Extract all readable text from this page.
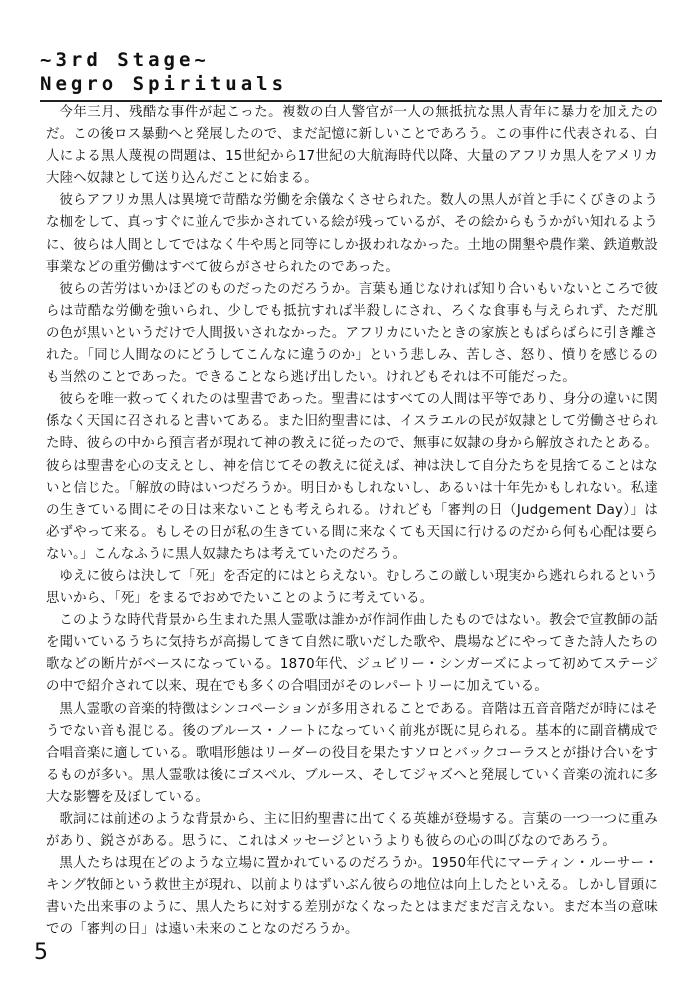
~3rd Stage~
Negro Spirituals

今年三月、残酷な事件が起こった。複数の白人警官が一人の無抵抗な黒人青年に暴力を加えたのだ。この後ロス暴動へと発展したので、まだ記憶に新しいことであろう。この事件に代表される、白人による黒人蔑視の問題は、15世紀から17世紀の大航海時代以降、大量のアフリカ黒人をアメリカ大陸へ奴隷として送り込んだことに始まる。

彼らアフリカ黒人は異境で苛酷な労働を余儀なくさせられた。数人の黒人が首と手にくびきのような枷をして、真っすぐに並んで歩かされている絵が残っているが、その絵からもうかがい知れるように、彼らは人間としてではなく牛や馬と同等にしか扱われなかった。土地の開墾や農作業、鉄道敷設事業などの重労働はすべて彼らがさせられたのであった。

彼らの苦労はいかほどのものだったのだろうか。言葉も通じなければ知り合いもいないところで彼らは苛酷な労働を強いられ、少しでも抵抗すれば半殺しにされ、ろくな食事も与えられず、ただ肌の色が黒いというだけで人間扱いされなかった。アフリカにいたときの家族ともばらばらに引き離された。「同じ人間なのにどうしてこんなに違うのか」という悲しみ、苦しさ、怒り、憤りを感じるのも当然のことであった。できることなら逃げ出したい。けれどもそれは不可能だった。

彼らを唯一救ってくれたのは聖書であった。聖書にはすべての人間は平等であり、身分の違いに関係なく天国に召されると書いてある。また旧約聖書には、イスラエルの民が奴隷として労働させられた時、彼らの中から預言者が現れて神の教えに従ったので、無事に奴隷の身から解放されたとある。彼らは聖書を心の支えとし、神を信じてその教えに従えば、神は決して自分たちを見捨てることはないと信じた。「解放の時はいつだろうか。明日かもしれないし、あるいは十年先かもしれない。私達の生きている間にその日は来ないことも考えられる。けれども「審判の日（Judgement Day）」は必ずやって来る。もしその日が私の生きている間に来なくても天国に行けるのだから何も心配は要らない。」こんなふうに黒人奴隷たちは考えていたのだろう。

ゆえに彼らは決して「死」を否定的にはとらえない。むしろこの厳しい現実から逃れられるという思いから、「死」をまるでおめでたいことのように考えている。

このような時代背景から生まれた黒人霊歌は誰かが作詞作曲したものではない。教会で宣教師の話を聞いているうちに気持ちが高揚してきて自然に歌いだした歌や、農場などにやってきた詩人たちの歌などの断片がベースになっている。1870年代、ジュビリー・シンガーズによって初めてステージの中で紹介されて以来、現在でも多くの合唱団がそのレパートリーに加えている。

黒人霊歌の音楽的特徴はシンコペーションが多用されることである。音階は五音音階だが時にはそうでない音も混じる。後のブルース・ノートになっていく前兆が既に見られる。基本的に副音構成で合唱音楽に適している。歌唱形態はリーダーの役目を果たすソロとバックコーラスとが掛け合いをするものが多い。黒人霊歌は後にゴスペル、ブルース、そしてジャズへと発展していく音楽の流れに多大な影響を及ぼしている。

歌詞には前述のような背景から、主に旧約聖書に出てくる英雄が登場する。言葉の一つ一つに重みがあり、鋭さがある。思うに、これはメッセージというよりも彼らの心の叫びなのであろう。

黒人たちは現在どのような立場に置かれているのだろうか。1950年代にマーティン・ルーサー・キング牧師という救世主が現れ、以前よりはずいぶん彼らの地位は向上したといえる。しかし冒頭に書いた出来事のように、黒人たちに対する差別がなくなったとはまだまだ言えない。まだ本当の意味での「審判の日」は遠い未来のことなのだろうか。

5
